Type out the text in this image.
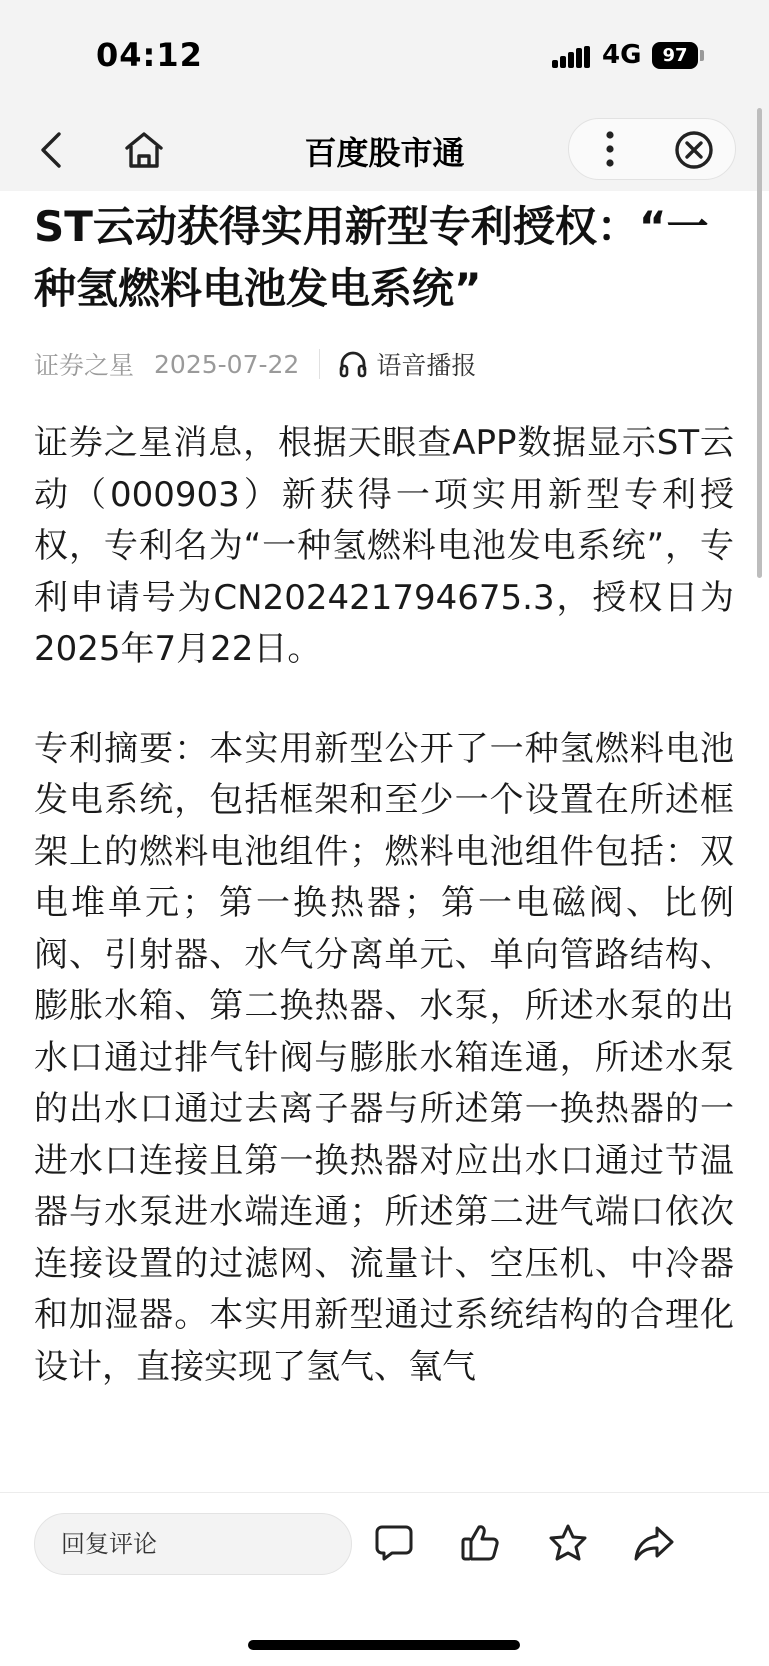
04:12	4G	97
百度股市通
ST云动获得实用新型专利授权：“一种氢燃料电池发电系统”
证券之星 2025-07-22	语音播报

证券之星消息，根据天眼查APP数据显示ST云动（000903）新获得一项实用新型专利授权，专利名为“一种氢燃料电池发电系统”，专利申请号为CN202421794675.3，授权日为2025年7月22日。

专利摘要：本实用新型公开了一种氢燃料电池发电系统，包括框架和至少一个设置在所述框架上的燃料电池组件；燃料电池组件包括：双电堆单元；第一换热器；第一电磁阀、比例阀、引射器、水气分离单元、单向管路结构、膨胀水箱、第二换热器、水泵，所述水泵的出水口通过排气针阀与膨胀水箱连通，所述水泵的出水口通过去离子器与所述第一换热器的一进水口连接且第一换热器对应出水口通过节温器与水泵进水端连通；所述第二进气端口依次连接设置的过滤网、流量计、空压机、中冷器和加湿器。本实用新型通过系统结构的合理化设计，直接实现了氢气、氧气

回复评论
